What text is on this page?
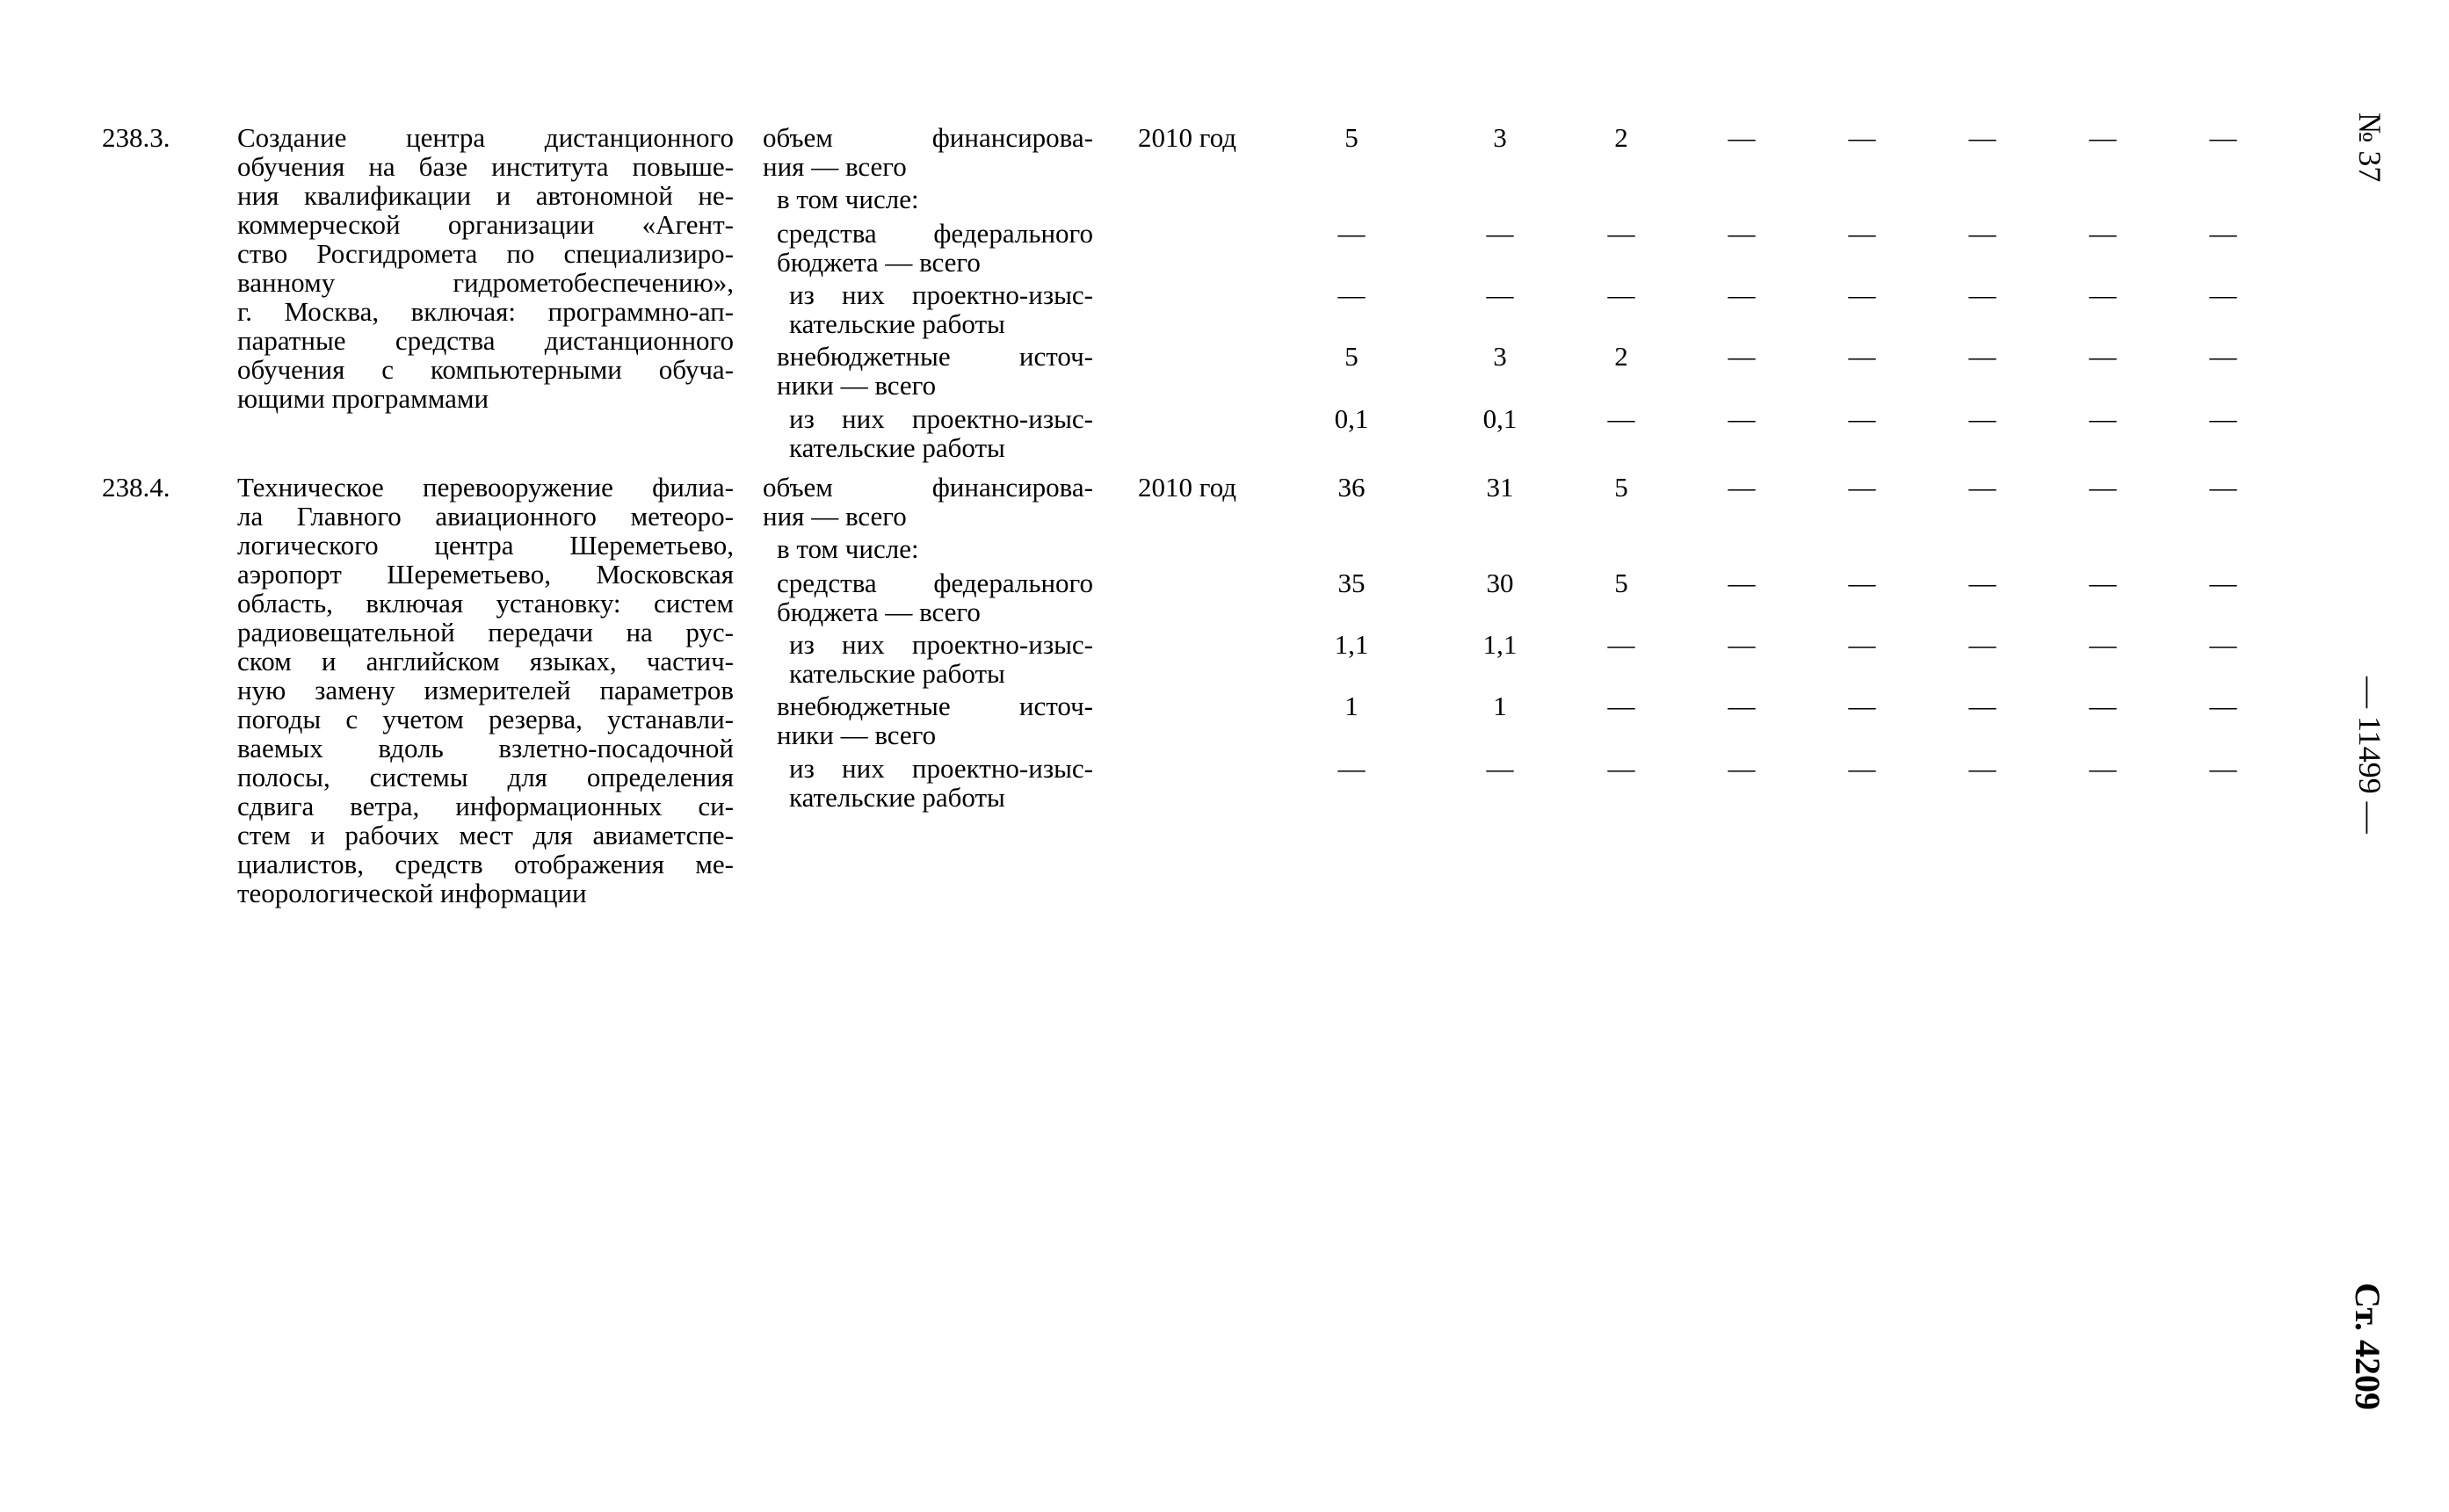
№ 37
— 11499 —
Ст. 4209
238.3. Создание центра дистанционного
обучения на базе института повыше-
ния квалификации и автономной не-
коммерческой организации «Агент-
ство Росгидромета по специализиро-
ванному гидрометобеспечению»,
г. Москва, включая: программно-ап-
паратные средства дистанционного
обучения с компьютерными обуча-
ющими программами
объем финансирова-
ния — всего
2010 год	5	3	2	—	—	—	—	—
в том числе:
средства федерального
бюджета — всего
—	—	—	—	—	—	—	—
из них проектно-изыс-
кательские работы
—	—	—	—	—	—	—	—
внебюджетные источ-
ники — всего
5	3	2	—	—	—	—	—
из них проектно-изыс-
кательские работы
0,1	0,1	—	—	—	—	—	—
238.4. Техническое перевооружение филиа-
ла Главного авиационного метеоро-
логического центра Шереметьево,
аэропорт Шереметьево, Московская
область, включая установку: систем
радиовещательной передачи на рус-
ском и английском языках, частич-
ную замену измерителей параметров
погоды с учетом резерва, устанавли-
ваемых вдоль взлетно-посадочной
полосы, системы для определения
сдвига ветра, информационных си-
стем и рабочих мест для авиаметспе-
циалистов, средств отображения ме-
теорологической информации
объем финансирова-
ния — всего
2010 год	36	31	5	—	—	—	—	—
в том числе:
средства федерального
бюджета — всего
35	30	5	—	—	—	—	—
из них проектно-изыс-
кательские работы
1,1	1,1	—	—	—	—	—	—
внебюджетные источ-
ники — всего
1	1	—	—	—	—	—	—
из них проектно-изыс-
кательские работы
—	—	—	—	—	—	—	—
